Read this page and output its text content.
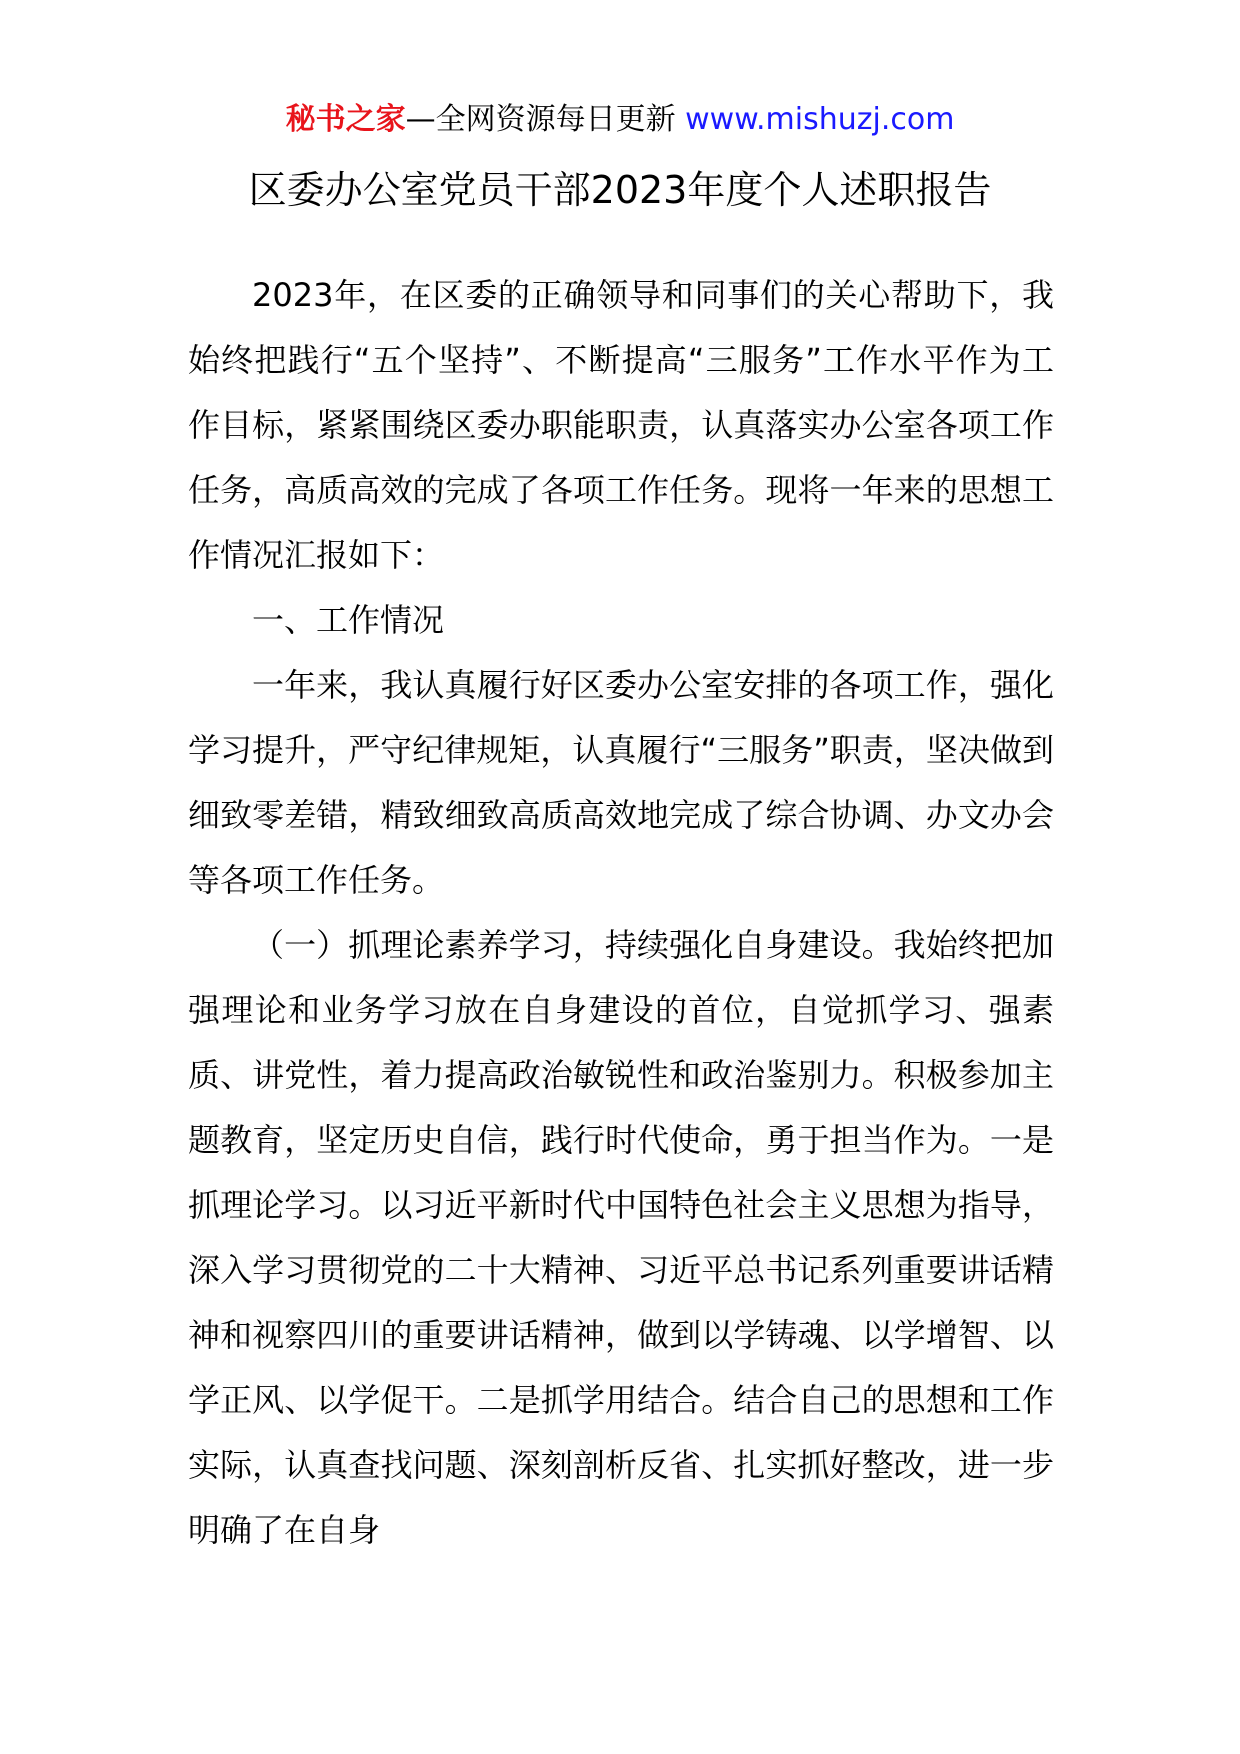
秘书之家—全网资源每日更新 www.mishuzj.com
区委办公室党员干部2023年度个人述职报告

2023年，在区委的正确领导和同事们的关心帮助下，我始终把践行“五个坚持”、不断提高“三服务”工作水平作为工作目标，紧紧围绕区委办职能职责，认真落实办公室各项工作任务，高质高效的完成了各项工作任务。现将一年来的思想工作情况汇报如下：

一、工作情况

一年来，我认真履行好区委办公室安排的各项工作，强化学习提升，严守纪律规矩，认真履行“三服务”职责，坚决做到细致零差错，精致细致高质高效地完成了综合协调、办文办会等各项工作任务。

（一）抓理论素养学习，持续强化自身建设。我始终把加强理论和业务学习放在自身建设的首位，自觉抓学习、强素质、讲党性，着力提高政治敏锐性和政治鉴别力。积极参加主题教育，坚定历史自信，践行时代使命，勇于担当作为。一是抓理论学习。以习近平新时代中国特色社会主义思想为指导，深入学习贯彻党的二十大精神、习近平总书记系列重要讲话精神和视察四川的重要讲话精神，做到以学铸魂、以学增智、以学正风、以学促干。二是抓学用结合。结合自己的思想和工作实际，认真查找问题、深刻剖析反省、扎实抓好整改，进一步明确了在自身
